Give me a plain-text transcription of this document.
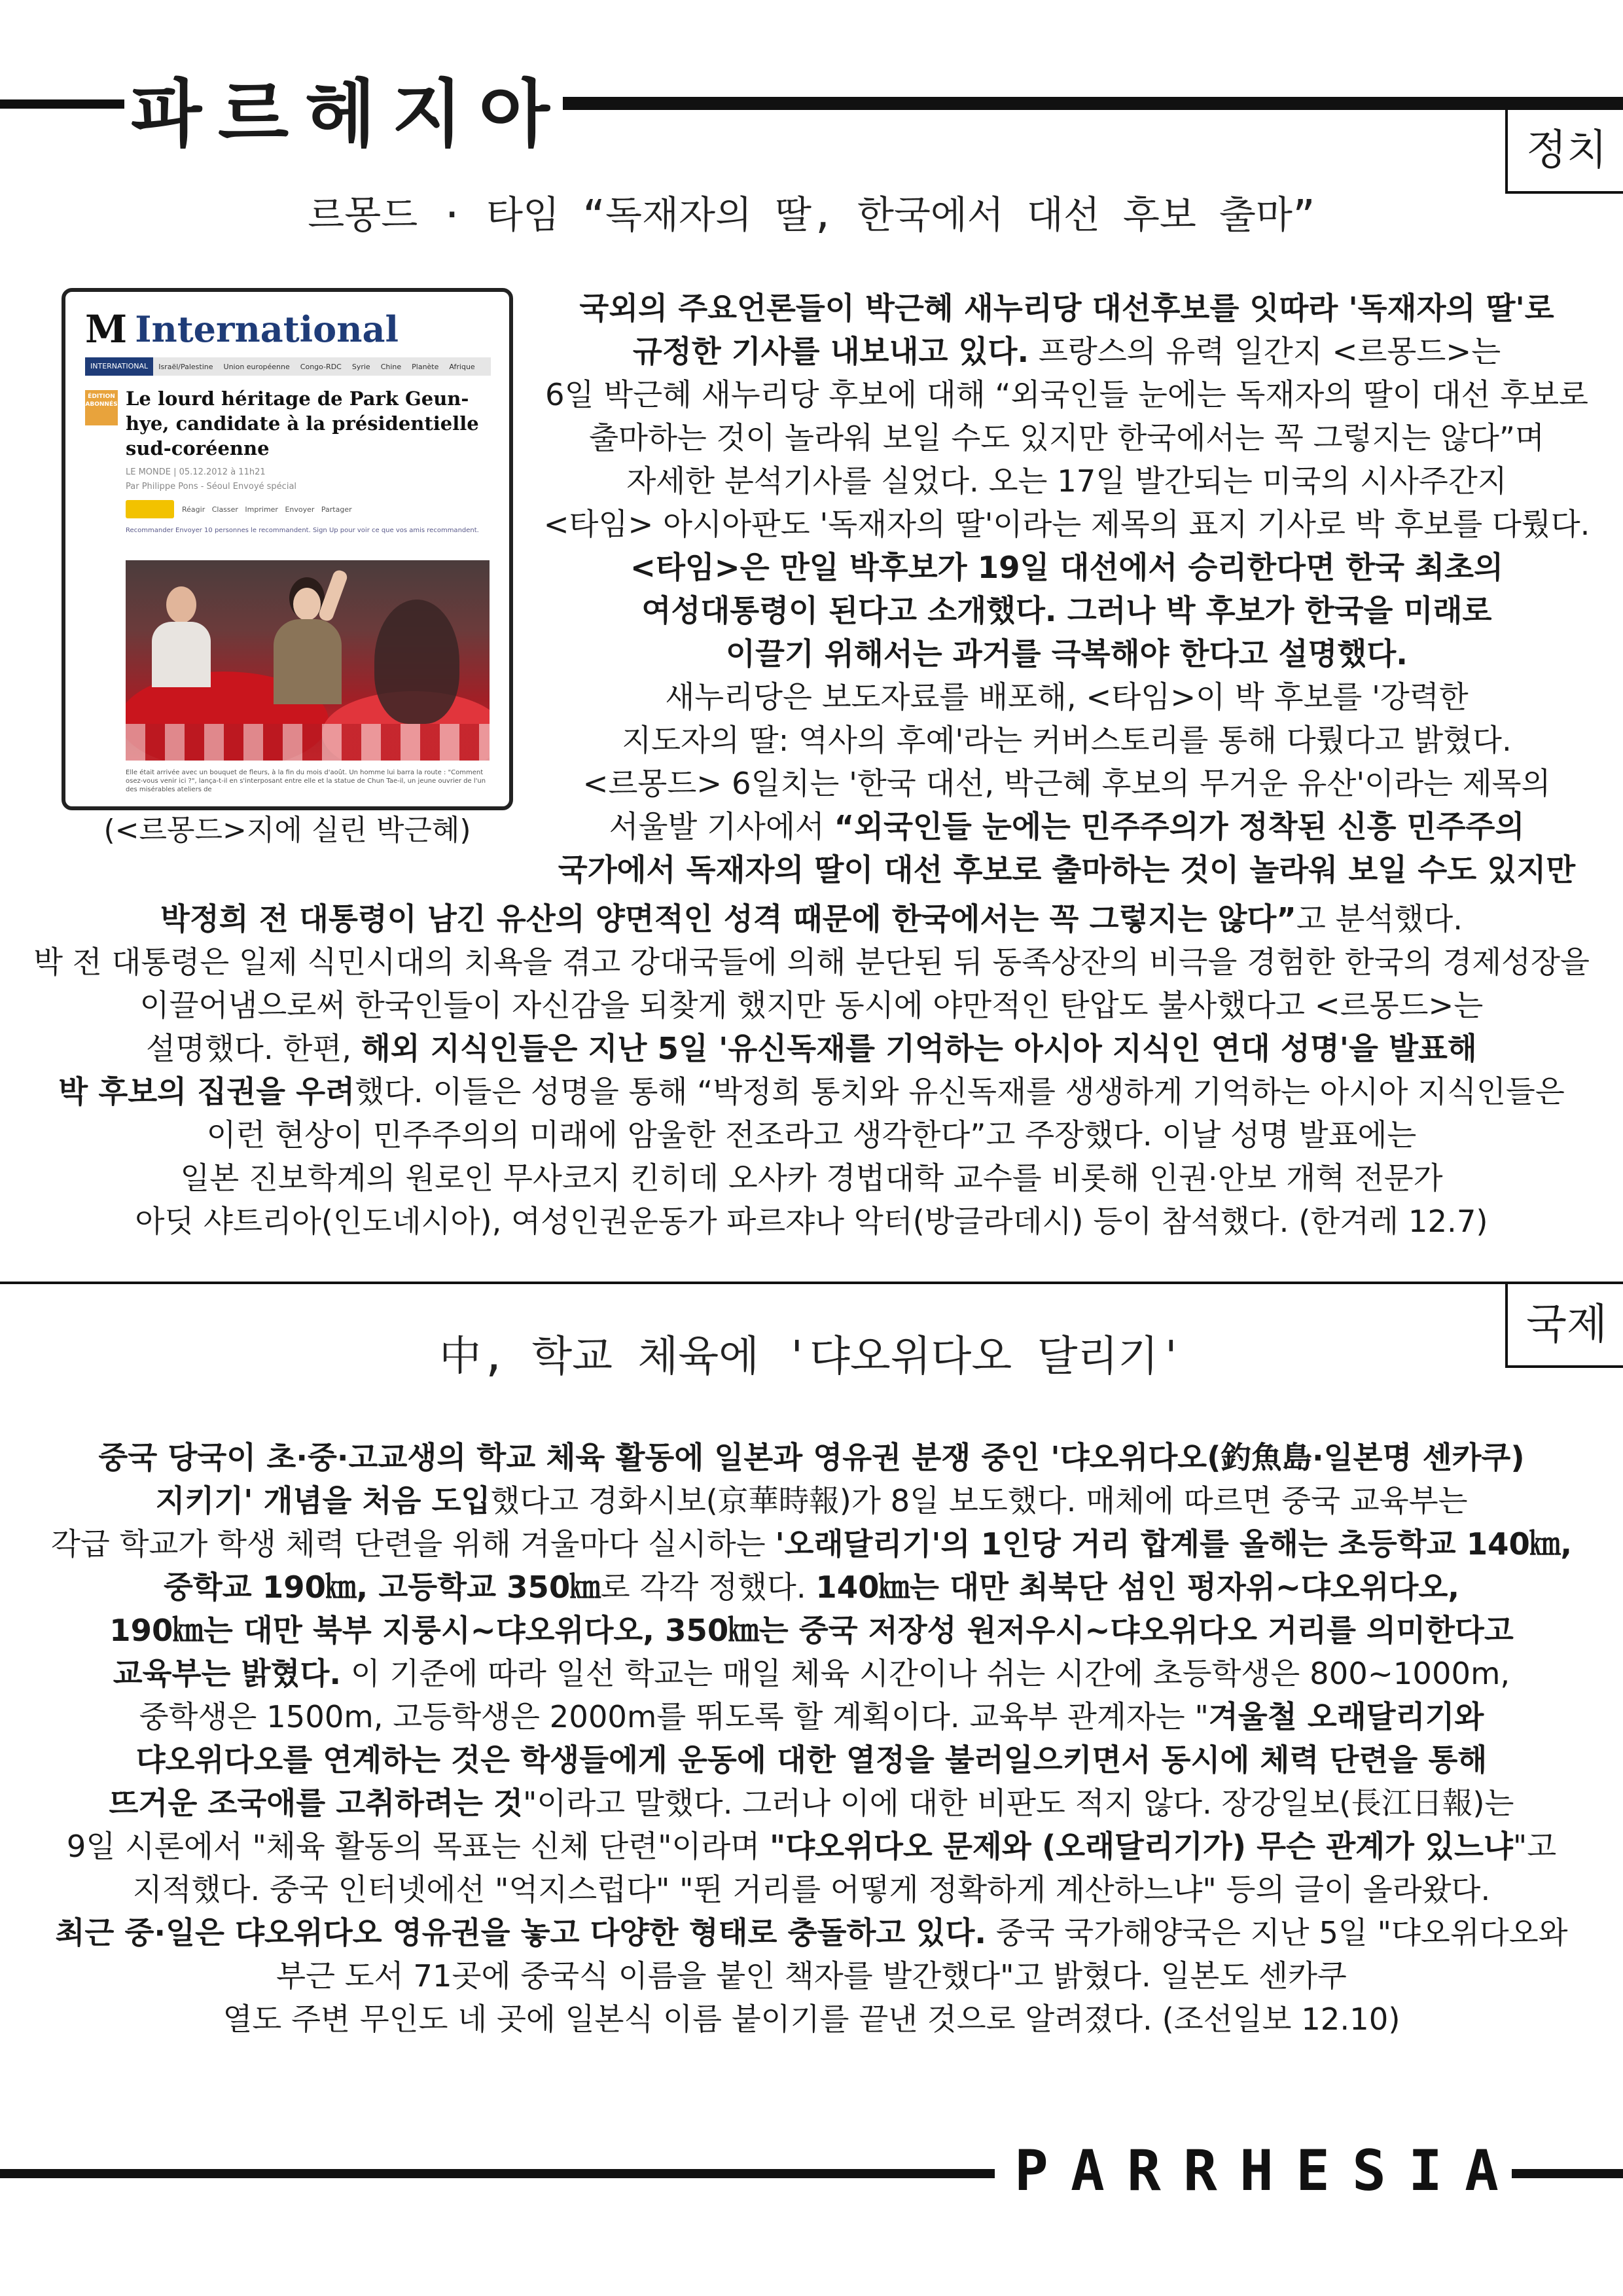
파 르 헤 지 아	정치
르몽드 · 타임 “독재자의 딸, 한국에서 대선 후보 출마”
M International
INTERNATIONAL	Israël/Palestine	Union européenne	Congo-RDC	Syrie	Chine	Planète	Afrique
ÉDITION ABONNÉS Le lourd héritage de Park Geun-hye, candidate à la présidentielle sud-coréenne
LE MONDE | 05.12.2012 à 11h21
Par Philippe Pons - Séoul Envoyé spécial
Réagir   Classer   Imprimer   Envoyer   Partager
Recommander Envoyer 10 personnes le recommandent. Sign Up pour voir ce que vos amis recommandent.
Elle était arrivée avec un bouquet de fleurs, à la fin du mois d'août. Un homme lui barra la route : "Comment osez-vous venir ici ?", lança-t-il en s'interposant entre elle et la statue de Chun Tae-il, un jeune ouvrier de l'un des misérables ateliers de
(<르몽드>지에 실린 박근혜)
국외의 주요언론들이 박근혜 새누리당 대선후보를 잇따라 '독재자의 딸'로
규정한 기사를 내보내고 있다. 프랑스의 유력 일간지 <르몽드>는
6일 박근혜 새누리당 후보에 대해 “외국인들 눈에는 독재자의 딸이 대선 후보로
출마하는 것이 놀라워 보일 수도 있지만 한국에서는 꼭 그렇지는 않다”며
자세한 분석기사를 실었다. 오는 17일 발간되는 미국의 시사주간지
<타임> 아시아판도 '독재자의 딸'이라는 제목의 표지 기사로 박 후보를 다뤘다.
<타임>은 만일 박후보가 19일 대선에서 승리한다면 한국 최초의
여성대통령이 된다고 소개했다. 그러나 박 후보가 한국을 미래로
이끌기 위해서는 과거를 극복해야 한다고 설명했다.
새누리당은 보도자료를 배포해, <타임>이 박 후보를 '강력한
지도자의 딸: 역사의 후예'라는 커버스토리를 통해 다뤘다고 밝혔다.
<르몽드> 6일치는 '한국 대선, 박근혜 후보의 무거운 유산'이라는 제목의
서울발 기사에서 “외국인들 눈에는 민주주의가 정착된 신흥 민주주의
국가에서 독재자의 딸이 대선 후보로 출마하는 것이 놀라워 보일 수도 있지만
박정희 전 대통령이 남긴 유산의 양면적인 성격 때문에 한국에서는 꼭 그렇지는 않다”고 분석했다.
박 전 대통령은 일제 식민시대의 치욕을 겪고 강대국들에 의해 분단된 뒤 동족상잔의 비극을 경험한 한국의 경제성장을
이끌어냄으로써 한국인들이 자신감을 되찾게 했지만 동시에 야만적인 탄압도 불사했다고 <르몽드>는
설명했다. 한편, 해외 지식인들은 지난 5일 '유신독재를 기억하는 아시아 지식인 연대 성명'을 발표해
박 후보의 집권을 우려했다. 이들은 성명을 통해 “박정희 통치와 유신독재를 생생하게 기억하는 아시아 지식인들은
이런 현상이 민주주의의 미래에 암울한 전조라고 생각한다”고 주장했다. 이날 성명 발표에는
일본 진보학계의 원로인 무사코지 킨히데 오사카 경법대학 교수를 비롯해 인권·안보 개혁 전문가
아딧 샤트리아(인도네시아), 여성인권운동가 파르쟈나 악터(방글라데시) 등이 참석했다. (한겨레 12.7)
국제
中, 학교 체육에 '댜오위다오 달리기'
중국 당국이 초·중·고교생의 학교 체육 활동에 일본과 영유권 분쟁 중인 '댜오위다오(釣魚島·일본명 센카쿠)
지키기' 개념을 처음 도입했다고 경화시보(京華時報)가 8일 보도했다. 매체에 따르면 중국 교육부는
각급 학교가 학생 체력 단련을 위해 겨울마다 실시하는 '오래달리기'의 1인당 거리 합계를 올해는 초등학교 140㎞,
중학교 190㎞, 고등학교 350㎞로 각각 정했다. 140㎞는 대만 최북단 섬인 펑자위~댜오위다오,
190㎞는 대만 북부 지룽시~댜오위다오, 350㎞는 중국 저장성 원저우시~댜오위다오 거리를 의미한다고
교육부는 밝혔다. 이 기준에 따라 일선 학교는 매일 체육 시간이나 쉬는 시간에 초등학생은 800~1000m,
중학생은 1500m, 고등학생은 2000m를 뛰도록 할 계획이다. 교육부 관계자는 "겨울철 오래달리기와
댜오위다오를 연계하는 것은 학생들에게 운동에 대한 열정을 불러일으키면서 동시에 체력 단련을 통해
뜨거운 조국애를 고취하려는 것"이라고 말했다. 그러나 이에 대한 비판도 적지 않다. 장강일보(長江日報)는
9일 시론에서 "체육 활동의 목표는 신체 단련"이라며 "댜오위다오 문제와 (오래달리기가) 무슨 관계가 있느냐"고
지적했다. 중국 인터넷에선 "억지스럽다" "뛴 거리를 어떻게 정확하게 계산하느냐" 등의 글이 올라왔다.
최근 중·일은 댜오위다오 영유권을 놓고 다양한 형태로 충돌하고 있다. 중국 국가해양국은 지난 5일 "댜오위다오와
부근 도서 71곳에 중국식 이름을 붙인 책자를 발간했다"고 밝혔다. 일본도 센카쿠
열도 주변 무인도 네 곳에 일본식 이름 붙이기를 끝낸 것으로 알려졌다. (조선일보 12.10)
P A R R H E S I A
